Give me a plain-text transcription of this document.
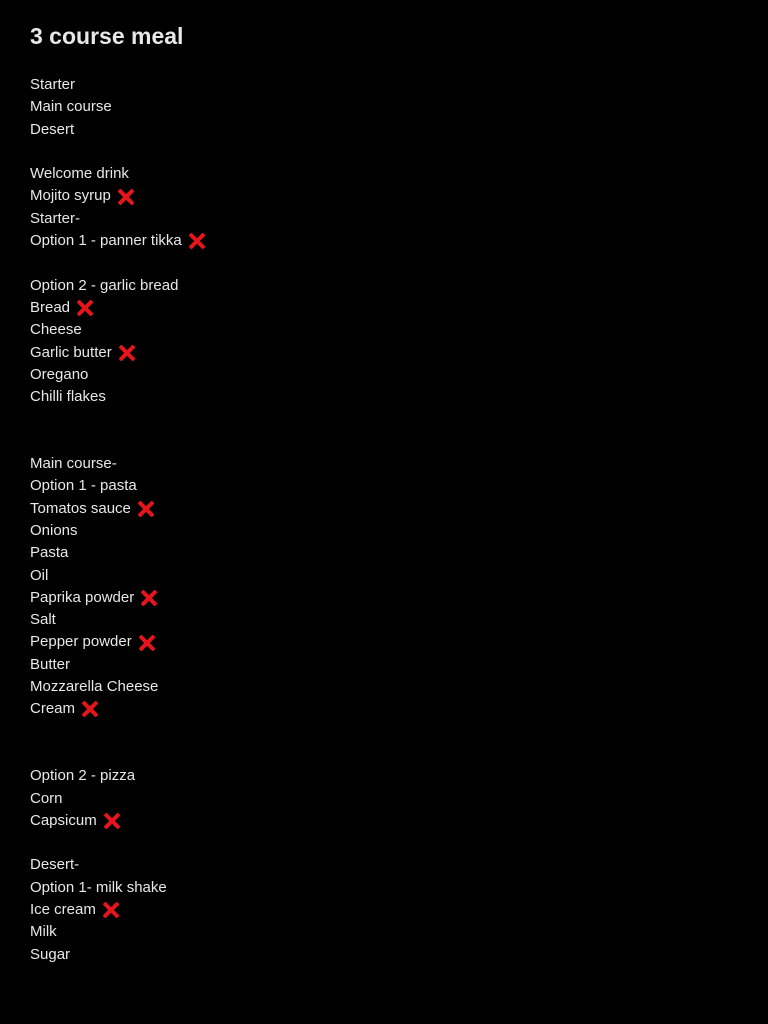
3 course meal
Starter
Main course
Desert
Welcome drink
Mojito syrup
Starter-
Option 1 - panner tikka
Option 2 - garlic bread
Bread
Cheese
Garlic butter
Oregano
Chilli flakes
Main course-
Option 1 - pasta
Tomatos sauce
Onions
Pasta
Oil
Paprika powder
Salt
Pepper powder
Butter
Mozzarella Cheese
Cream
Option 2 - pizza
Corn
Capsicum
Desert-
Option 1- milk shake
Ice cream
Milk
Sugar
